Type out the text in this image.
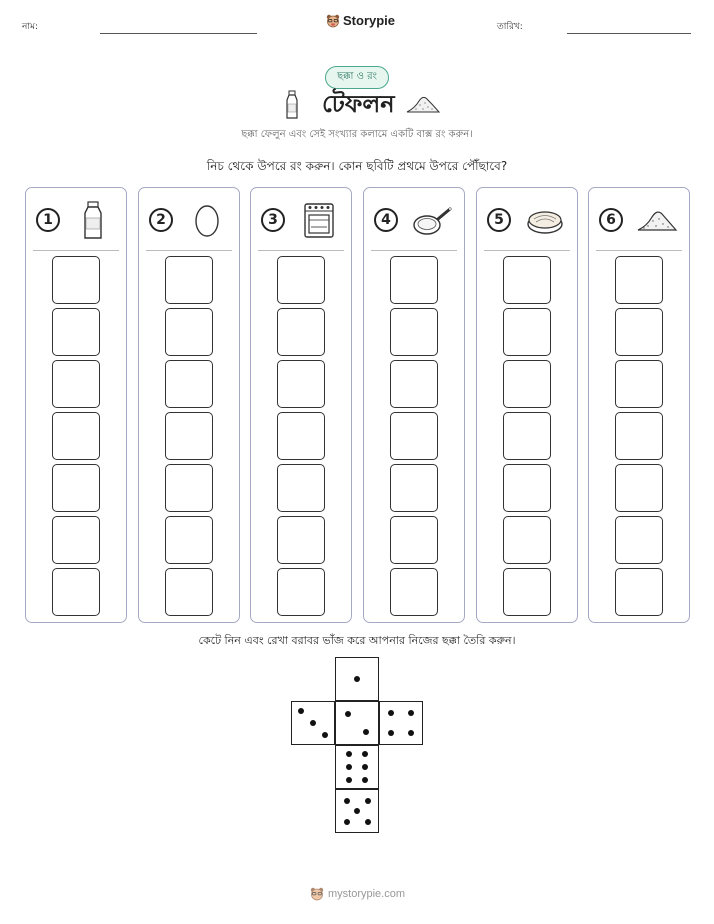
নাম:	Storypie	তারিখ:
ছক্কা ও রং
টেফলন
ছক্কা ফেলুন এবং সেই সংখ্যার কলামে একটি বাক্স রং করুন।
নিচ থেকে উপরে রং করুন। কোন ছবিটি প্রথমে উপরে পৌঁছাবে?
1	2	3	4	5	6
কেটে নিন এবং রেখা বরাবর ভাঁজ করে আপনার নিজের ছক্কা তৈরি করুন।
mystorypie.com
